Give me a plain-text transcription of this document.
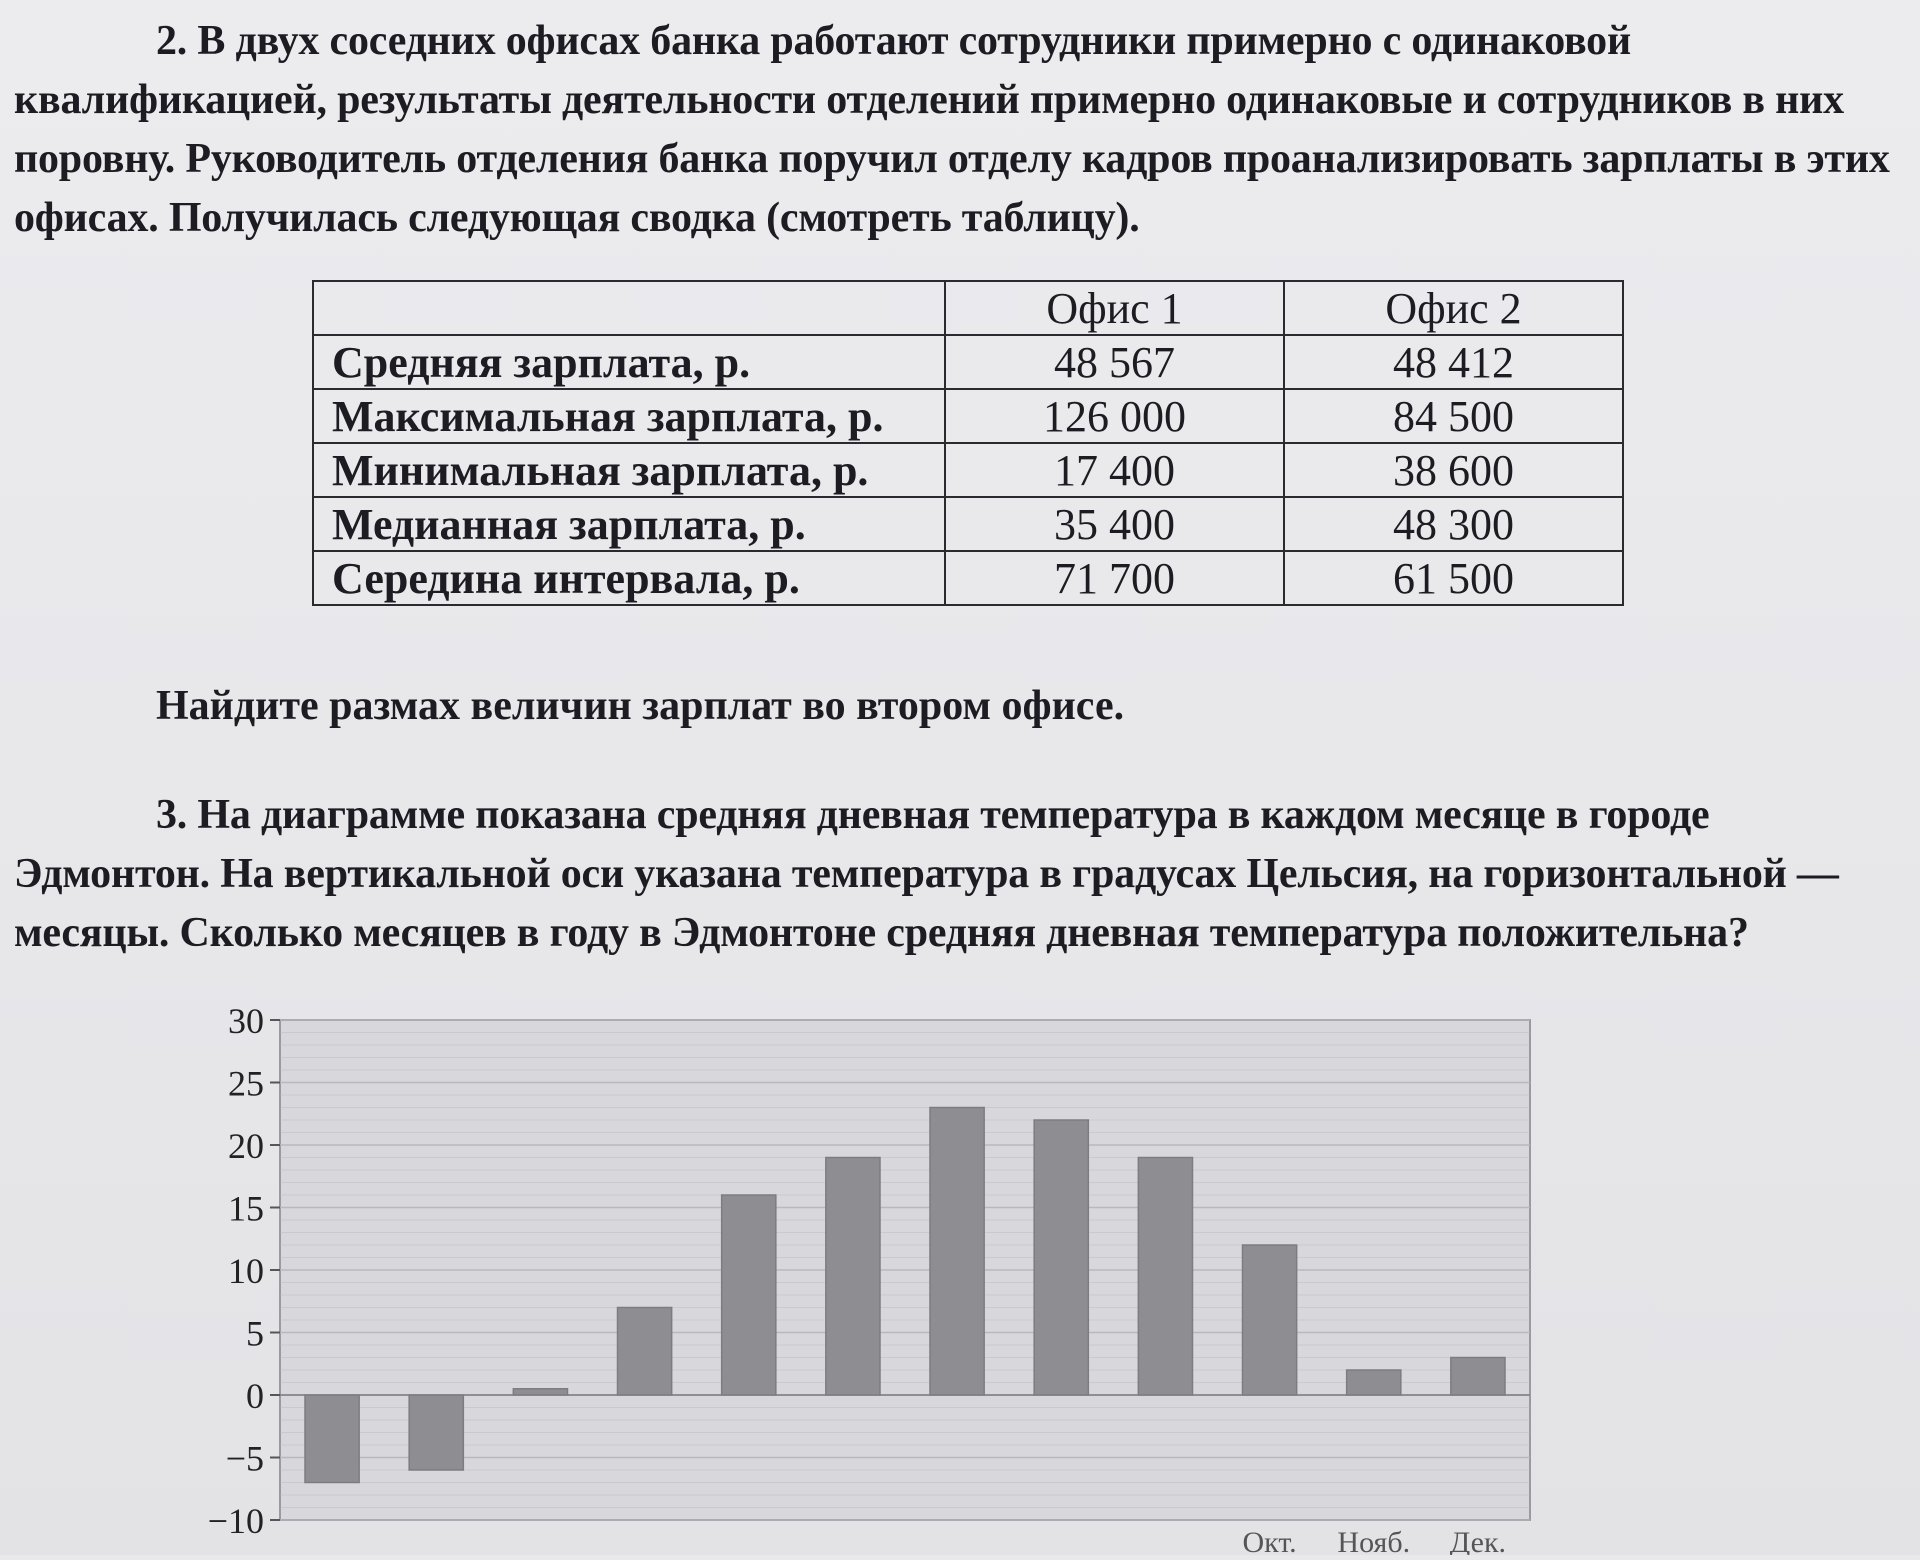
2. В двух соседних офисах банка работают сотрудники примерно с одинаковой квалификацией, результаты деятельности отделений примерно одинаковые и сотрудников в них поровну. Руководитель отделения банка поручил отделу кадров проанализировать зарплаты в этих офисах. Получилась следующая сводка (смотреть таблицу).
	Офис 1	Офис 2
Средняя зарплата, р.	48 567	48 412
Максимальная зарплата, р.	126 000	84 500
Минимальная зарплата, р.	17 400	38 600
Медианная зарплата, р.	35 400	48 300
Середина интервала, р.	71 700	61 500
Найдите размах величин зарплат во втором офисе.
3. На диаграмме показана средняя дневная температура в каждом месяце в городе Эдмонтон. На вертикальной оси указана температура в градусах Цельсия, на горизонтальной — месяцы. Сколько месяцев в году в Эдмонтоне средняя дневная температура положительна?
30
25
20
15
10
5
0
−5
−10
Окт. Нояб. Дек.
